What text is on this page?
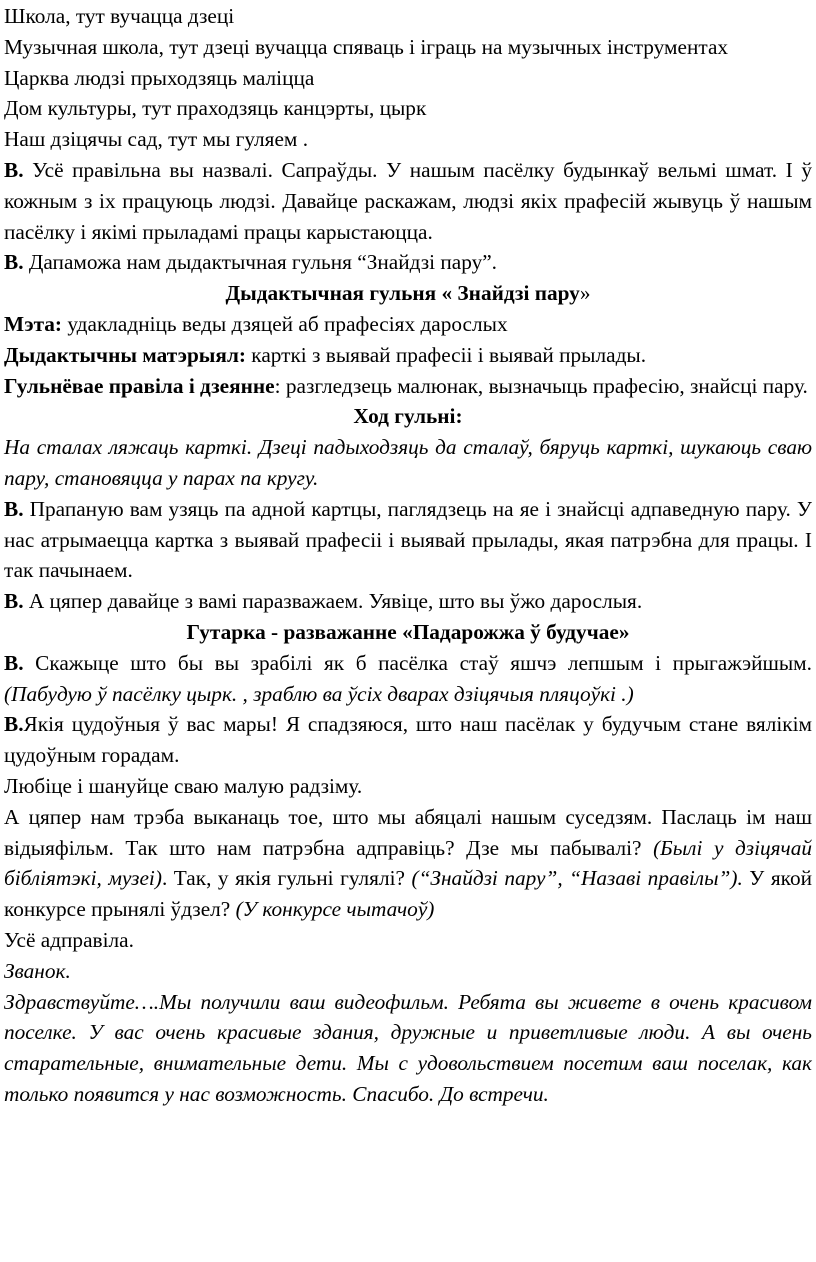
Школа, тут вучацца дзеці

Музычная школа, тут дзеці вучацца спяваць і іграць на музычных інструментах

Царква людзі прыходзяць маліцца

Дом культуры, тут праходзяць канцэрты, цырк

Наш дзіцячы сад, тут мы гуляем .

В. Усё правільна вы назвалі. Сапраўды. У нашым пасёлку будынкаў вельмі шмат. І ў кожным з іх працуюць людзі. Давайце раскажам, людзі якіх прафесій жывуць ў нашым пасёлку і якімі прыладамі працы карыстаюцца.

В. Дапаможа нам дыдактычная гульня “Знайдзі пару”.

Дыдактычная гульня « Знайдзі пару»

Мэта: удакладніць веды дзяцей аб прафесіях дарослых

Дыдактычны матэрыял: карткі з выявай прафесіі і выявай прылады.

Гульнёвае правіла і дзеянне: разгледзець малюнак, вызначыць прафесію, знайсці пару.

Ход гульні:

На сталах ляжаць карткі. Дзеці падыходзяць да сталаў, бяруць карткі, шукаюць сваю пару, становяцца у парах па кругу.

В. Прапаную вам узяць па адной картцы, паглядзець на яе і знайсці адпаведную пару. У нас атрымаецца картка з выявай прафесіі і выявай прылады, якая патрэбна для працы. І так пачынаем.

В. А цяпер давайце з вамі паразважаем. Уявіце, што вы ўжо дарослыя.

Гутарка - разважанне «Падарожжа ў будучае»

В. Скажыце што бы вы зрабілі як б пасёлка стаў яшчэ лепшым і прыгажэйшым. (Пабудую ў пасёлку цырк. , зраблю ва ўсіх дварах дзіцячыя пляцоўкі .)

В.Якія цудоўныя ў вас мары! Я спадзяюся, што наш пасёлак у будучым стане вялікім цудоўным горадам.

Любіце і шануйце сваю малую радзіму.

А цяпер нам трэба выканаць тое, што мы абяцалі нашым суседзям. Паслаць ім наш відыяфільм. Так што нам патрэбна адправіць? Дзе мы пабывалі? (Былі у дзіцячай бібліятэкі, музеі). Так, у якія гульні гулялі? (“Знайдзі пару”, “Назаві правілы”). У якой конкурсе прынялі ўдзел? (У конкурсе чытачоў)

Усё адправіла.

Званок.

Здравствуйте….Мы получили ваш видеофильм. Ребята вы живете в очень красивом поселке. У вас очень красивые здания, дружные и приветливые люди. А вы очень старательные, внимательные дети. Мы с удовольствием посетим ваш поселак, как только появится у нас возможность. Спасибо. До встречи.
